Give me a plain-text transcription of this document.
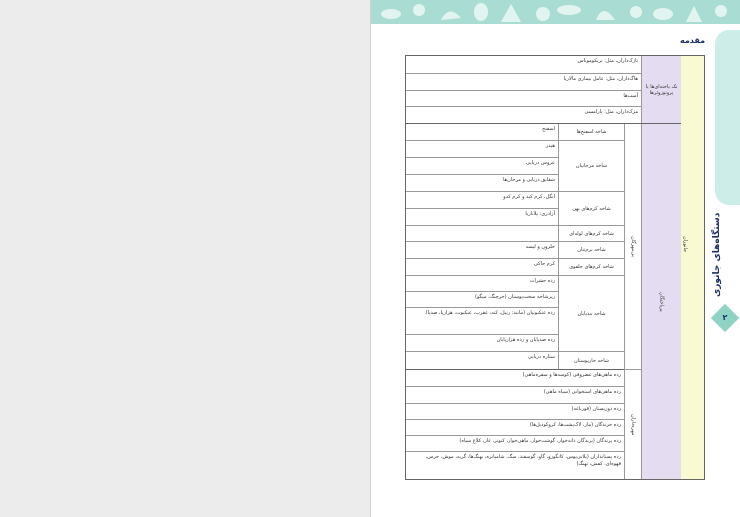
مقدمه
دستگاه‌های جانوری
۲
جانوران
تک یاخته‌ای‌ها یا پروتوزوئرها
تاژک‌داران، مثل: تریکوموناس
هاگ‌داران، مثل: عامل بیماری مالاریا
آمیب‌ها
مژک‌داران، مثل: پارامسی
پریاختگان
بی‌مهرگان
مهره‌داران
شاخه اسفنج‌ها
شاخه مرجانیان
شاخه کرم‌های پهن
شاخه کرم‌های لوله‌ای
شاخه نرم‌تنان
شاخه کرم‌های حلقوی
شاخه بندپایان
شاخه خارپوستان
اسفنج
هیدر
عروس دریایی
شقایق دریایی و مرجان‌ها
انگل، کرم کبد و کرم کدو
آزادزی: پلاناریا
حلزون و لیسه
کرم خاکی
رده حشرات
زیرشاخه سخت‌پوستان (خرچنگ، میگو)
رده عنکبوتیان (مانند: رتیل، کنه، عقرب، عنکبوت، هزارپا، صدپا)
رده صدپایان و رده هزارپایان
ستاره دریایی
رده ماهی‌های غضروفی (کوسه‌ها و سفره‌ماهی)
رده ماهی‌های استخوانی (سیاه ماهی)
رده دوزیستان (قورباغه)
رده خزندگان (مار، لاک‌پشت‌ها، کروکودیل‌ها)
رده پرندگان (پرندگان دانه‌خوار، گوشت‌خوار، ماهی‌خوار، کبوتر، غاز، کلاغ سیاه)
رده پستانداران (پلاتی‌پوس، کانگورو، گاو، گوسفند، سگ، شامپانزه، نهنگ‌ها، گربه، موش، خرس، قهوه‌ای، کفش، نهنگ)
